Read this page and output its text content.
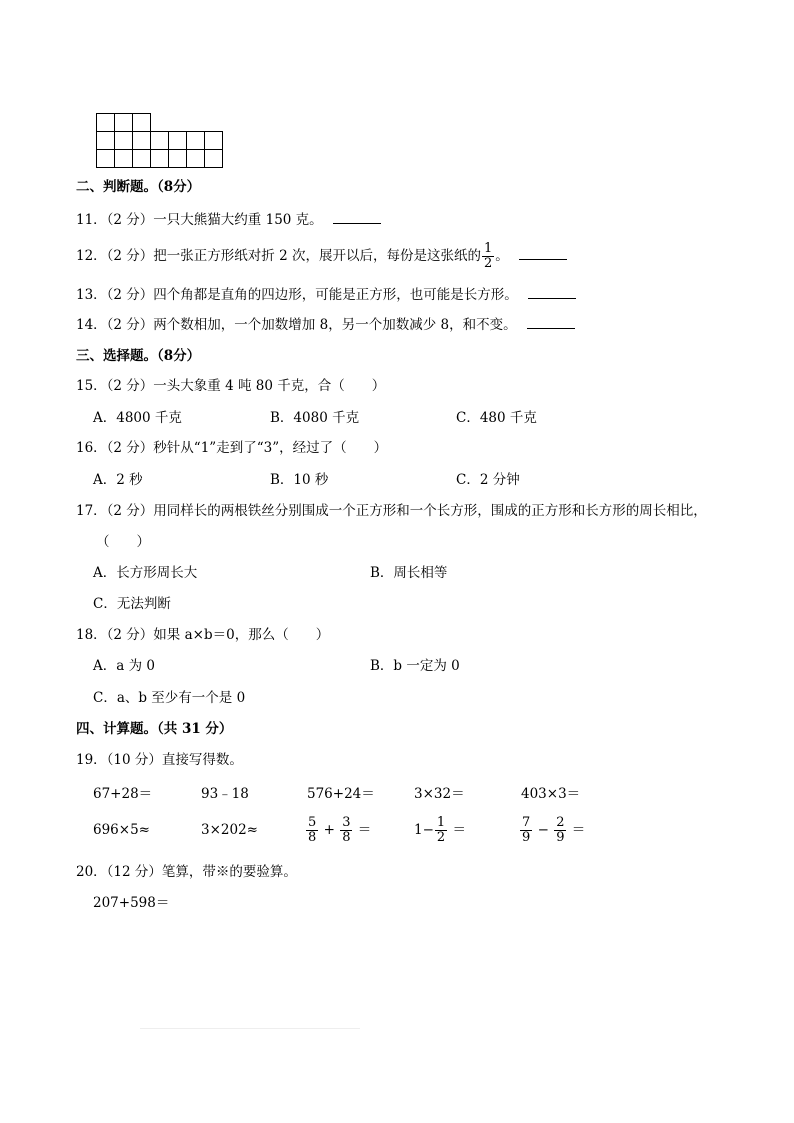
二、判断题。（8分）
11．（2 分）一只大熊猫大约重 150 克。
12．（2 分）把一张正方形纸对折 2 次，展开以后，每份是这张纸的 $\frac{1}{2}$ 。
13．（2 分）四个角都是直角的四边形，可能是正方形，也可能是长方形。
14．（2 分）两个数相加，一个加数增加 8，另一个加数减少 8，和不变。
三、选择题。（8分）
15．（2 分）一头大象重 4 吨 80 千克，合（　　）
A．4800 千克	B．4080 千克	C．480 千克
16．（2 分）秒针从“1”走到了“3”，经过了（　　）
A．2 秒	B．10 秒	C．2 分钟
17．（2 分）用同样长的两根铁丝分别围成一个正方形和一个长方形，围成的正方形和长方形的周长相比，
（　　）
A．长方形周长大	B．周长相等
C．无法判断
18．（2 分）如果 a×b＝0，那么（　　）
A．a 为 0	B．b 一定为 0
C．a、b 至少有一个是 0
四、计算题。（共 31 分）
19．（10 分）直接写得数。
67+28＝	93﹣18	576+24＝	3×32＝	403×3＝
696×5≈	3×202≈	$\frac{5}{8} + \frac{3}{8}$ ＝	$1- \frac{1}{2}$ ＝	$\frac{7}{9} - \frac{2}{9}$ ＝
20．（12 分）笔算，带※的要验算。
207+598＝
